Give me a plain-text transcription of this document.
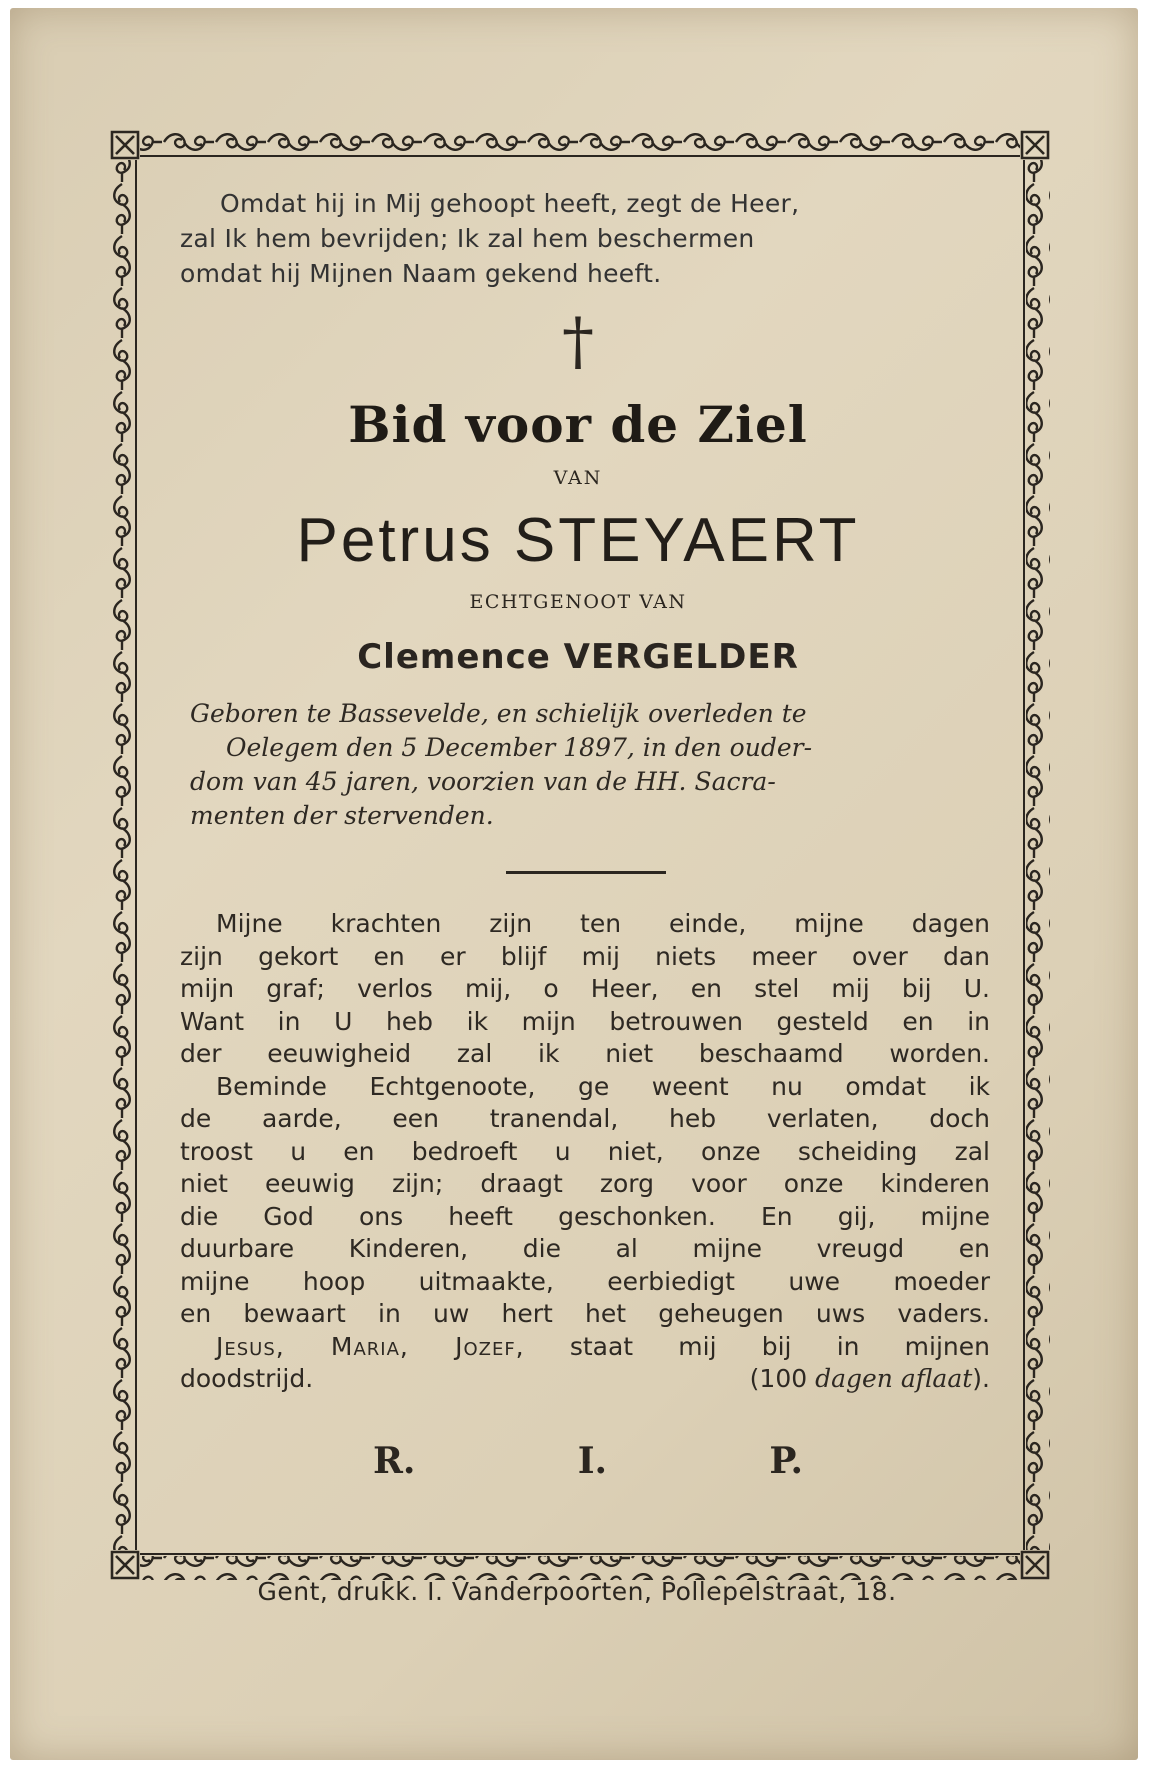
Omdat hij in Mij gehoopt heeft, zegt de Heer,
zal Ik hem bevrijden; Ik zal hem beschermen
omdat hij Mijnen Naam gekend heeft.
†
Bid voor de Ziel
VAN
Petrus STEYAERT
ECHTGENOOT VAN
Clemence VERGELDER
Geboren te Bassevelde, en schielijk overleden te
Oelegem den 5 December 1897, in den ouder-
dom van 45 jaren, voorzien van de HH. Sacra-
menten der stervenden.
Mijne krachten zijn ten einde, mijne dagen
zijn gekort en er blijf mij niets meer over dan
mijn graf; verlos mij, o Heer, en stel mij bij U.
Want in U heb ik mijn betrouwen gesteld en in
der eeuwigheid zal ik niet beschaamd worden.
Beminde Echtgenoote, ge weent nu omdat ik
de aarde, een tranendal, heb verlaten, doch
troost u en bedroeft u niet, onze scheiding zal
niet eeuwig zijn; draagt zorg voor onze kinderen
die God ons heeft geschonken. En gij, mijne
duurbare Kinderen, die al mijne vreugd en
mijne hoop uitmaakte, eerbiedigt uwe moeder
en bewaart in uw hert het geheugen uws vaders.
Jesus, Maria, Jozef, staat mij bij in mijnen
doodstrijd.	(100 dagen aflaat).
R.	I.	P.
Gent, drukk. I. Vanderpoorten, Pollepelstraat, 18.
